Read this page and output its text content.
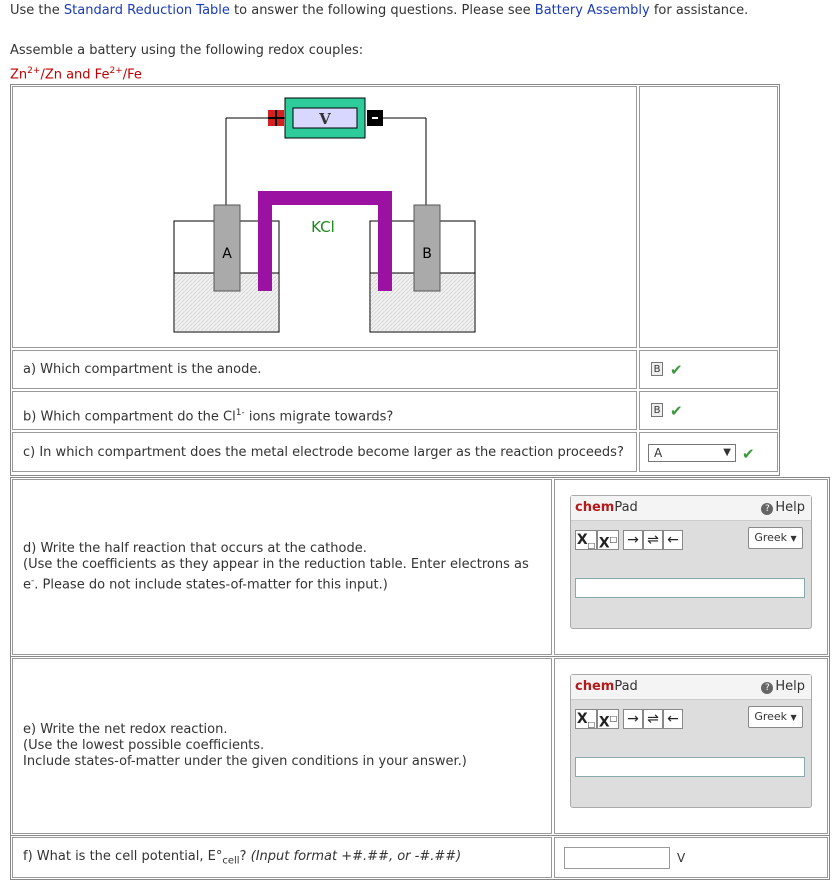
Use the Standard Reduction Table to answer the following questions. Please see Battery Assembly for assistance.
Assemble a battery using the following redox couples:
$Zn^{2+}/Zn$ and $Fe^{2+}/Fe$
V
A	B
KCl
a) Which compartment is the anode.	B ✔
b) Which compartment do the $Cl^{1-}$ ions migrate towards?	B ✔
c) In which compartment does the metal electrode become larger as the reaction proceeds?	A	▼ ✔
d) Write the half reaction that occurs at the cathode.
(Use the coefficients as they appear in the reduction table. Enter electrons as
e-. Please do not include states-of-matter for this input.)
chemPad	? Help
$X_□$ X□ → ⇌ ←	Greek ▼
e) Write the net redox reaction.
(Use the lowest possible coefficients.
Include states-of-matter under the given conditions in your answer.)
chemPad	? Help
$X_□$ X□ → ⇌ ←	Greek ▼
f) What is the cell potential, $E^\circ_{cell}$? (Input format +#.##, or -#.##)	V
